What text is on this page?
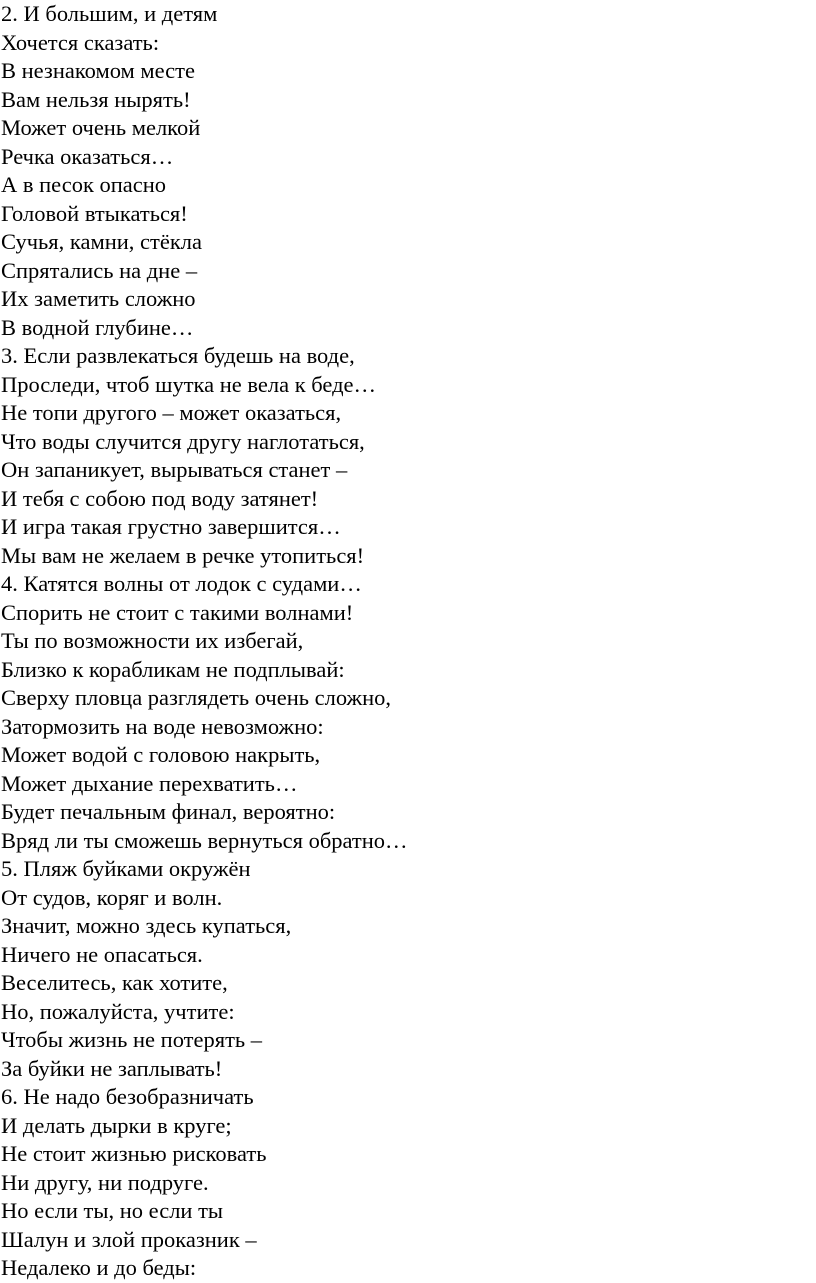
2. И большим, и детям
Хочется сказать:
В незнакомом месте
Вам нельзя нырять!
Может очень мелкой
Речка оказаться…
А в песок опасно
Головой втыкаться!
Сучья, камни, стёкла
Спрятались на дне –
Их заметить сложно
В водной глубине…
3. Если развлекаться будешь на воде,
Проследи, чтоб шутка не вела к беде…
Не топи другого – может оказаться,
Что воды случится другу наглотаться,
Он запаникует, вырываться станет –
И тебя с собою под воду затянет!
И игра такая грустно завершится…
Мы вам не желаем в речке утопиться!
4. Катятся волны от лодок с судами…
Спорить не стоит с такими волнами!
Ты по возможности их избегай,
Близко к корабликам не подплывай:
Сверху пловца разглядеть очень сложно,
Затормозить на воде невозможно:
Может водой с головою накрыть,
Может дыхание перехватить…
Будет печальным финал, вероятно:
Вряд ли ты сможешь вернуться обратно…
5. Пляж буйками окружён
От судов, коряг и волн.
Значит, можно здесь купаться,
Ничего не опасаться.
Веселитесь, как хотите,
Но, пожалуйста, учтите:
Чтобы жизнь не потерять –
За буйки не заплывать!
6. Не надо безобразничать
И делать дырки в круге;
Не стоит жизнью рисковать
Ни другу, ни подруге.
Но если ты, но если ты
Шалун и злой проказник –
Недалеко и до беды:
